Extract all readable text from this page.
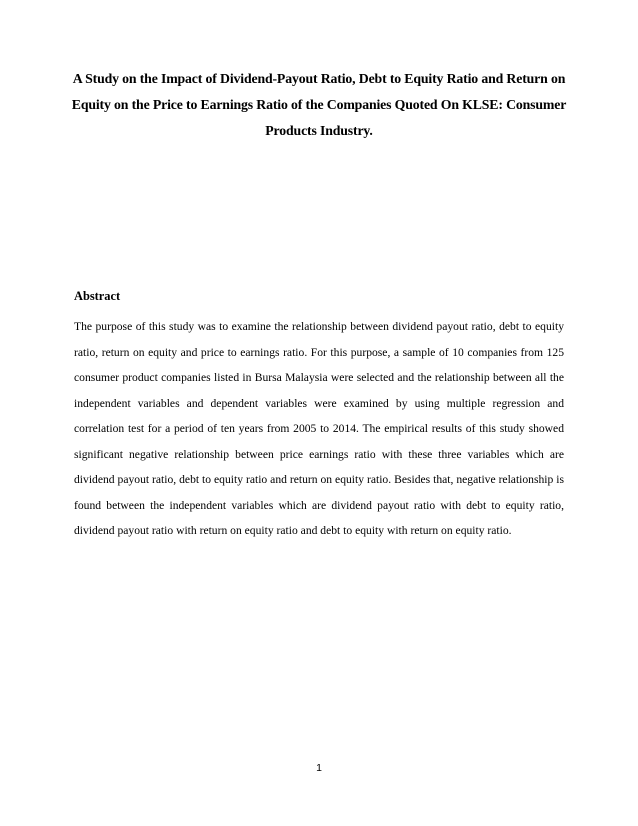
A Study on the Impact of Dividend-Payout Ratio, Debt to Equity Ratio and Return on Equity on the Price to Earnings Ratio of the Companies Quoted On KLSE: Consumer Products Industry.
Abstract

The purpose of this study was to examine the relationship between dividend payout ratio, debt to equity ratio, return on equity and price to earnings ratio. For this purpose, a sample of 10 companies from 125 consumer product companies listed in Bursa Malaysia were selected and the relationship between all the independent variables and dependent variables were examined by using multiple regression and correlation test for a period of ten years from 2005 to 2014. The empirical results of this study showed significant negative relationship between price earnings ratio with these three variables which are dividend payout ratio, debt to equity ratio and return on equity ratio. Besides that, negative relationship is found between the independent variables which are dividend payout ratio with debt to equity ratio, dividend payout ratio with return on equity ratio and debt to equity with return on equity ratio.

1
